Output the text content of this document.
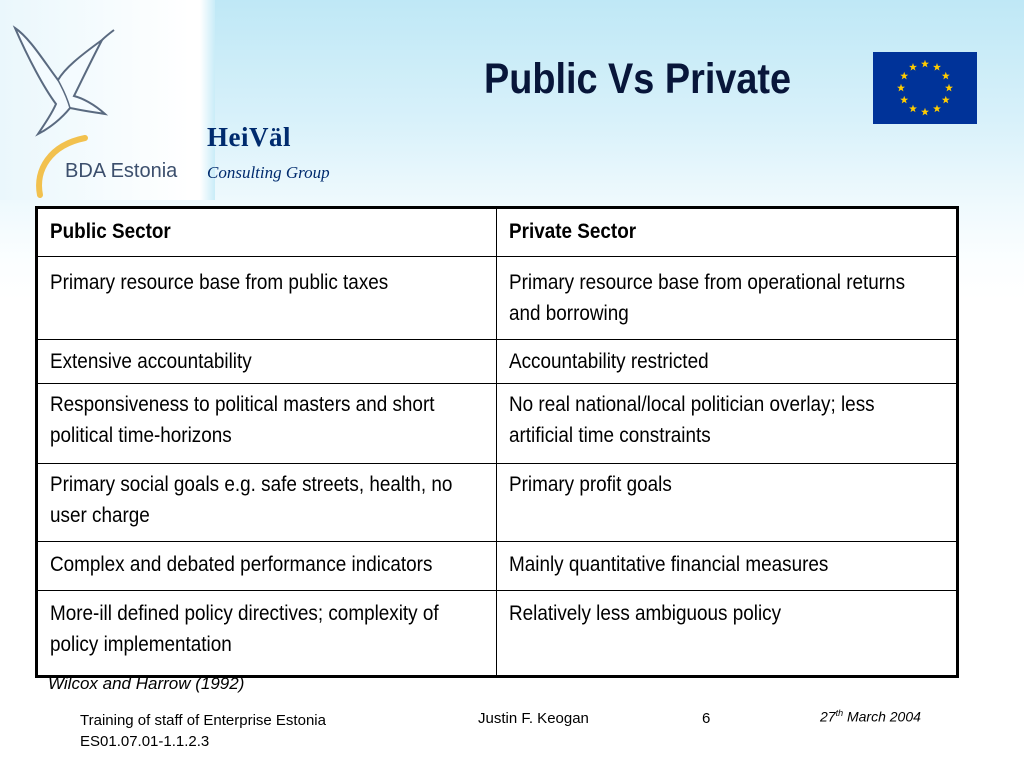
BDA Estonia
HeiVäl
Consulting Group
Public Vs Private
Public Sector	Private Sector

Primary resource base from public taxes	Primary resource base from operational returns and borrowing

Extensive accountability	Accountability restricted

Responsiveness to political masters and short political time-horizons	No real national/local politician overlay; less artificial time constraints

Primary social goals e.g. safe streets, health, no user charge	Primary profit goals

Complex and debated performance indicators	Mainly quantitative financial measures

More-ill defined policy directives; complexity of policy implementation	Relatively less ambiguous policy
Wilcox and Harrow (1992)
Training of staff of Enterprise Estonia
ES01.07.01-1.1.2.3
Justin F. Keogan	6	27th March 2004
